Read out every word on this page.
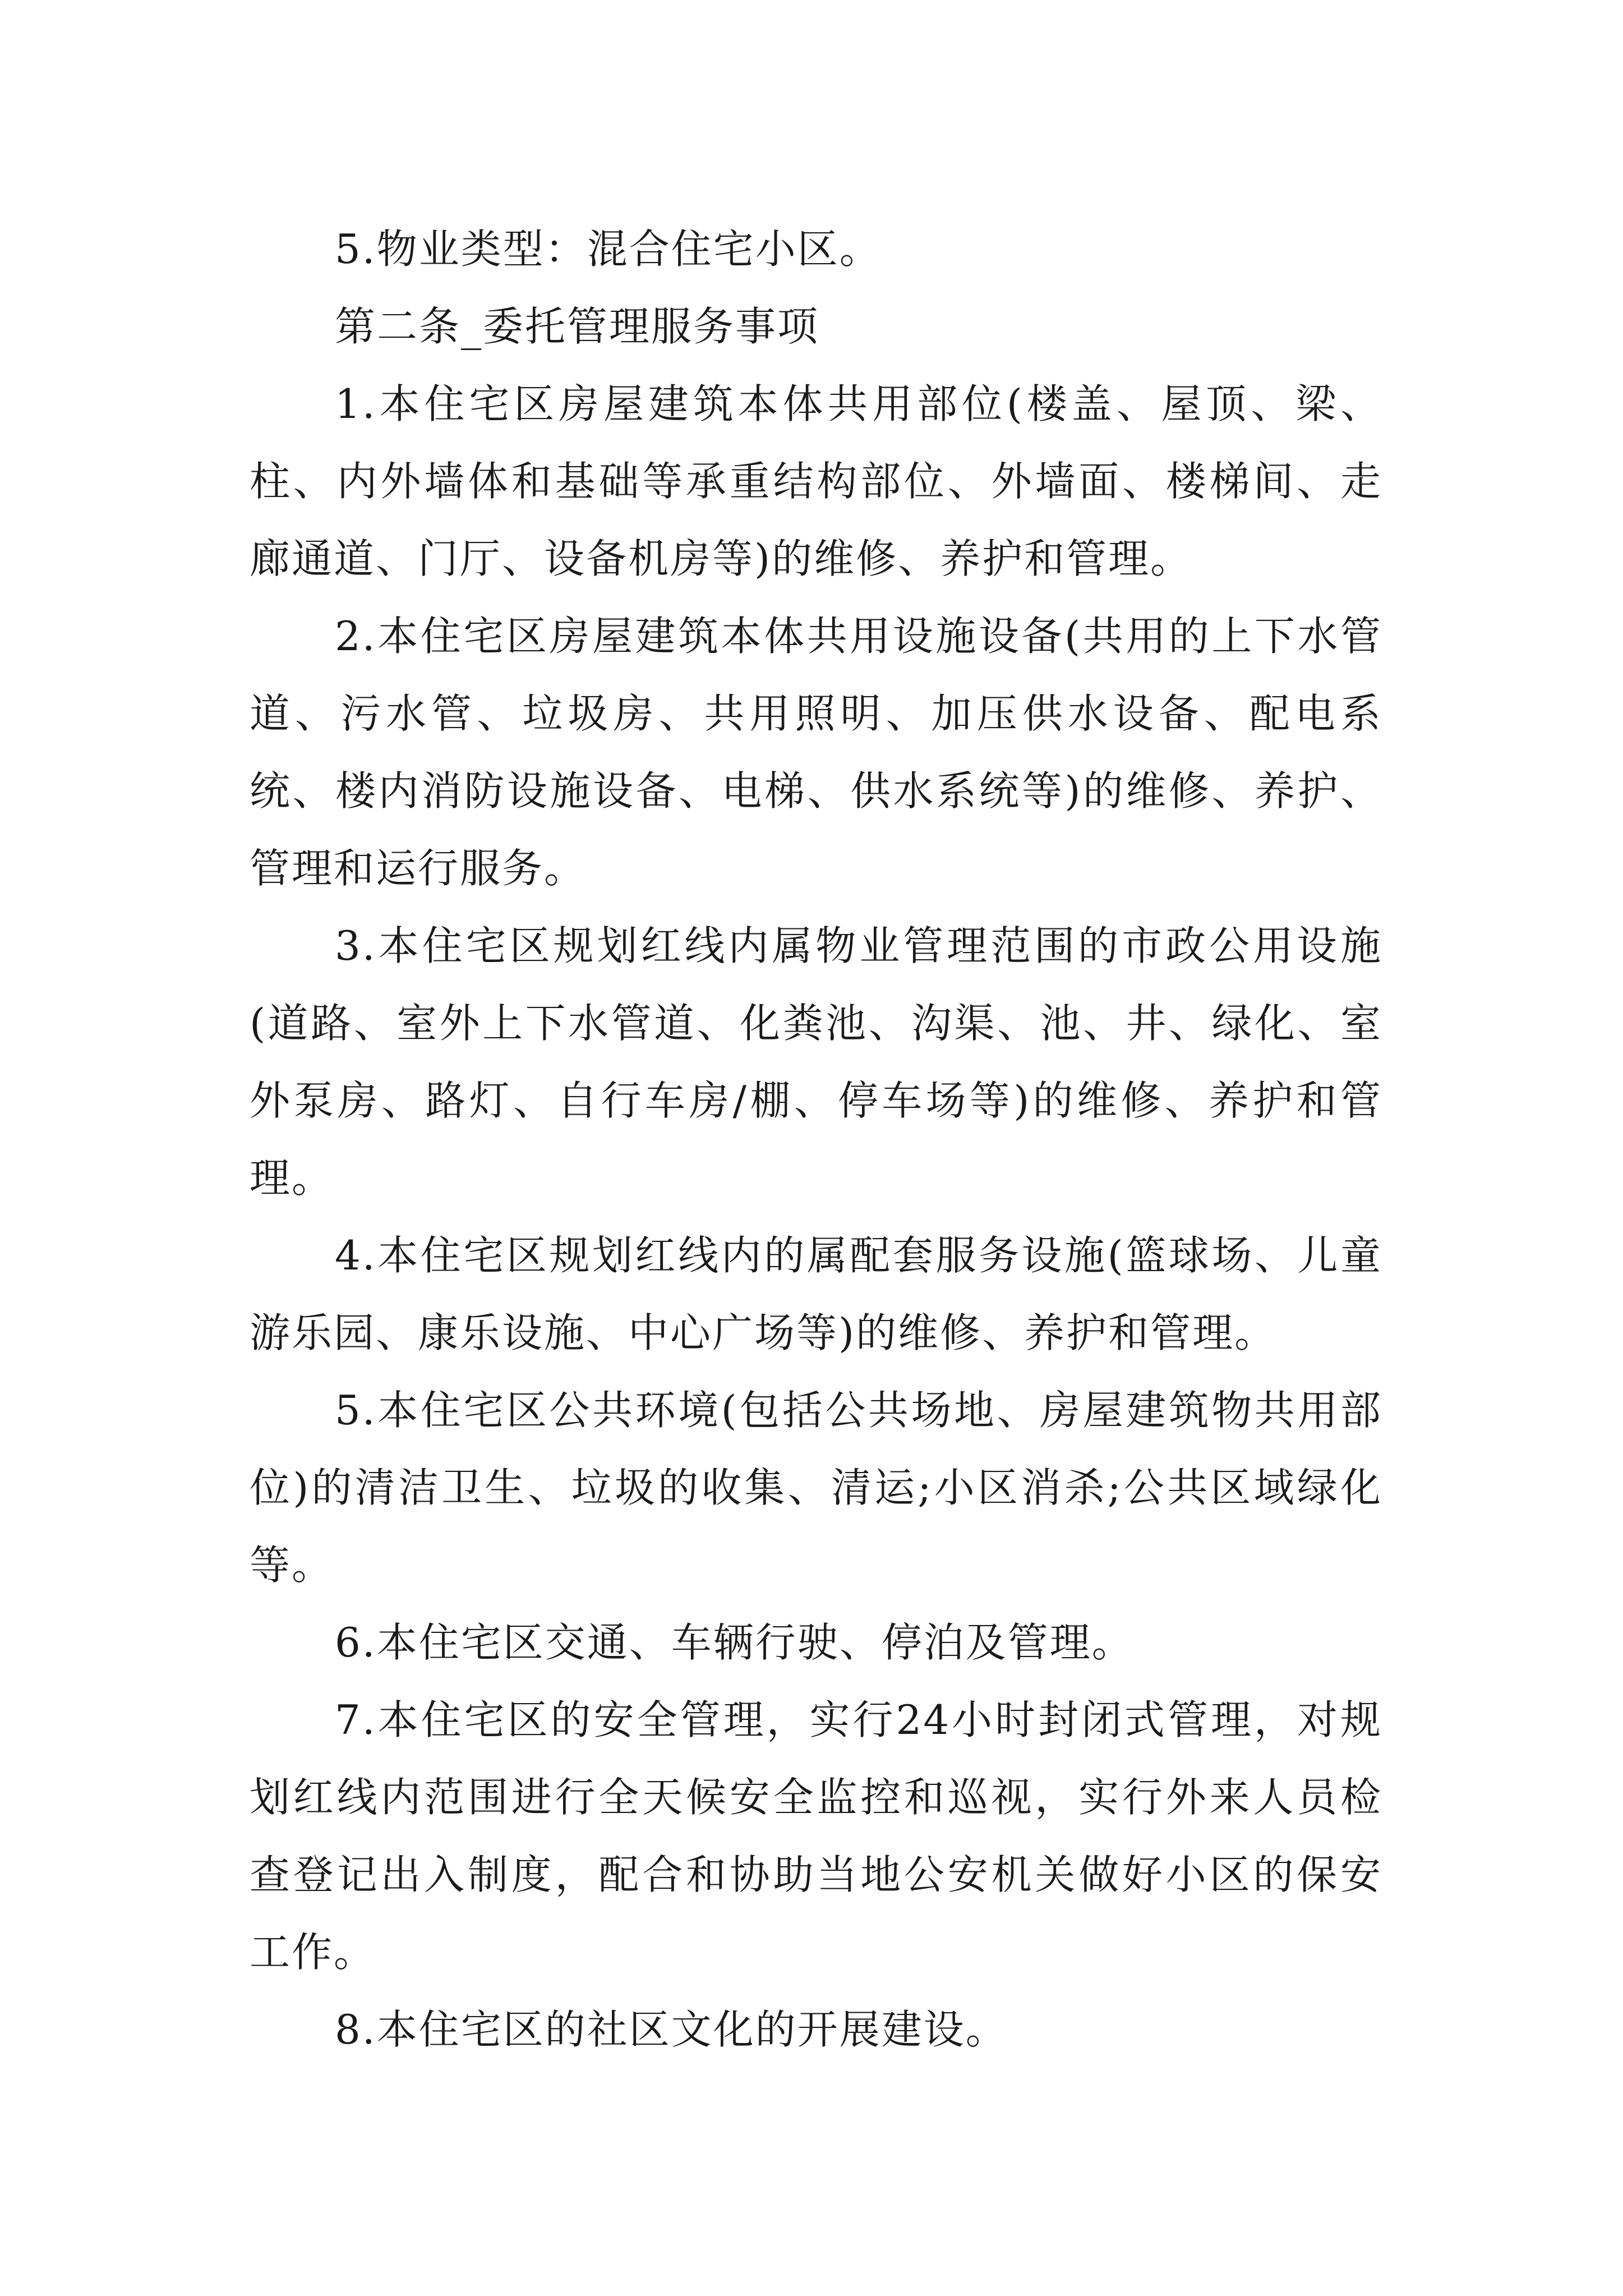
5.物业类型：混合住宅小区。

第二条_委托管理服务事项

1.本住宅区房屋建筑本体共用部位(楼盖、屋顶、梁、柱、内外墙体和基础等承重结构部位、外墙面、楼梯间、走廊通道、门厅、设备机房等)的维修、养护和管理。

2.本住宅区房屋建筑本体共用设施设备(共用的上下水管道、污水管、垃圾房、共用照明、加压供水设备、配电系统、楼内消防设施设备、电梯、供水系统等)的维修、养护、管理和运行服务。

3.本住宅区规划红线内属物业管理范围的市政公用设施(道路、室外上下水管道、化粪池、沟渠、池、井、绿化、室外泵房、路灯、自行车房/棚、停车场等)的维修、养护和管理。

4.本住宅区规划红线内的属配套服务设施(篮球场、儿童游乐园、康乐设施、中心广场等)的维修、养护和管理。

5.本住宅区公共环境(包括公共场地、房屋建筑物共用部位)的清洁卫生、垃圾的收集、清运;小区消杀;公共区域绿化等。

6.本住宅区交通、车辆行驶、停泊及管理。

7.本住宅区的安全管理，实行24小时封闭式管理，对规划红线内范围进行全天候安全监控和巡视，实行外来人员检查登记出入制度，配合和协助当地公安机关做好小区的保安工作。

8.本住宅区的社区文化的开展建设。
